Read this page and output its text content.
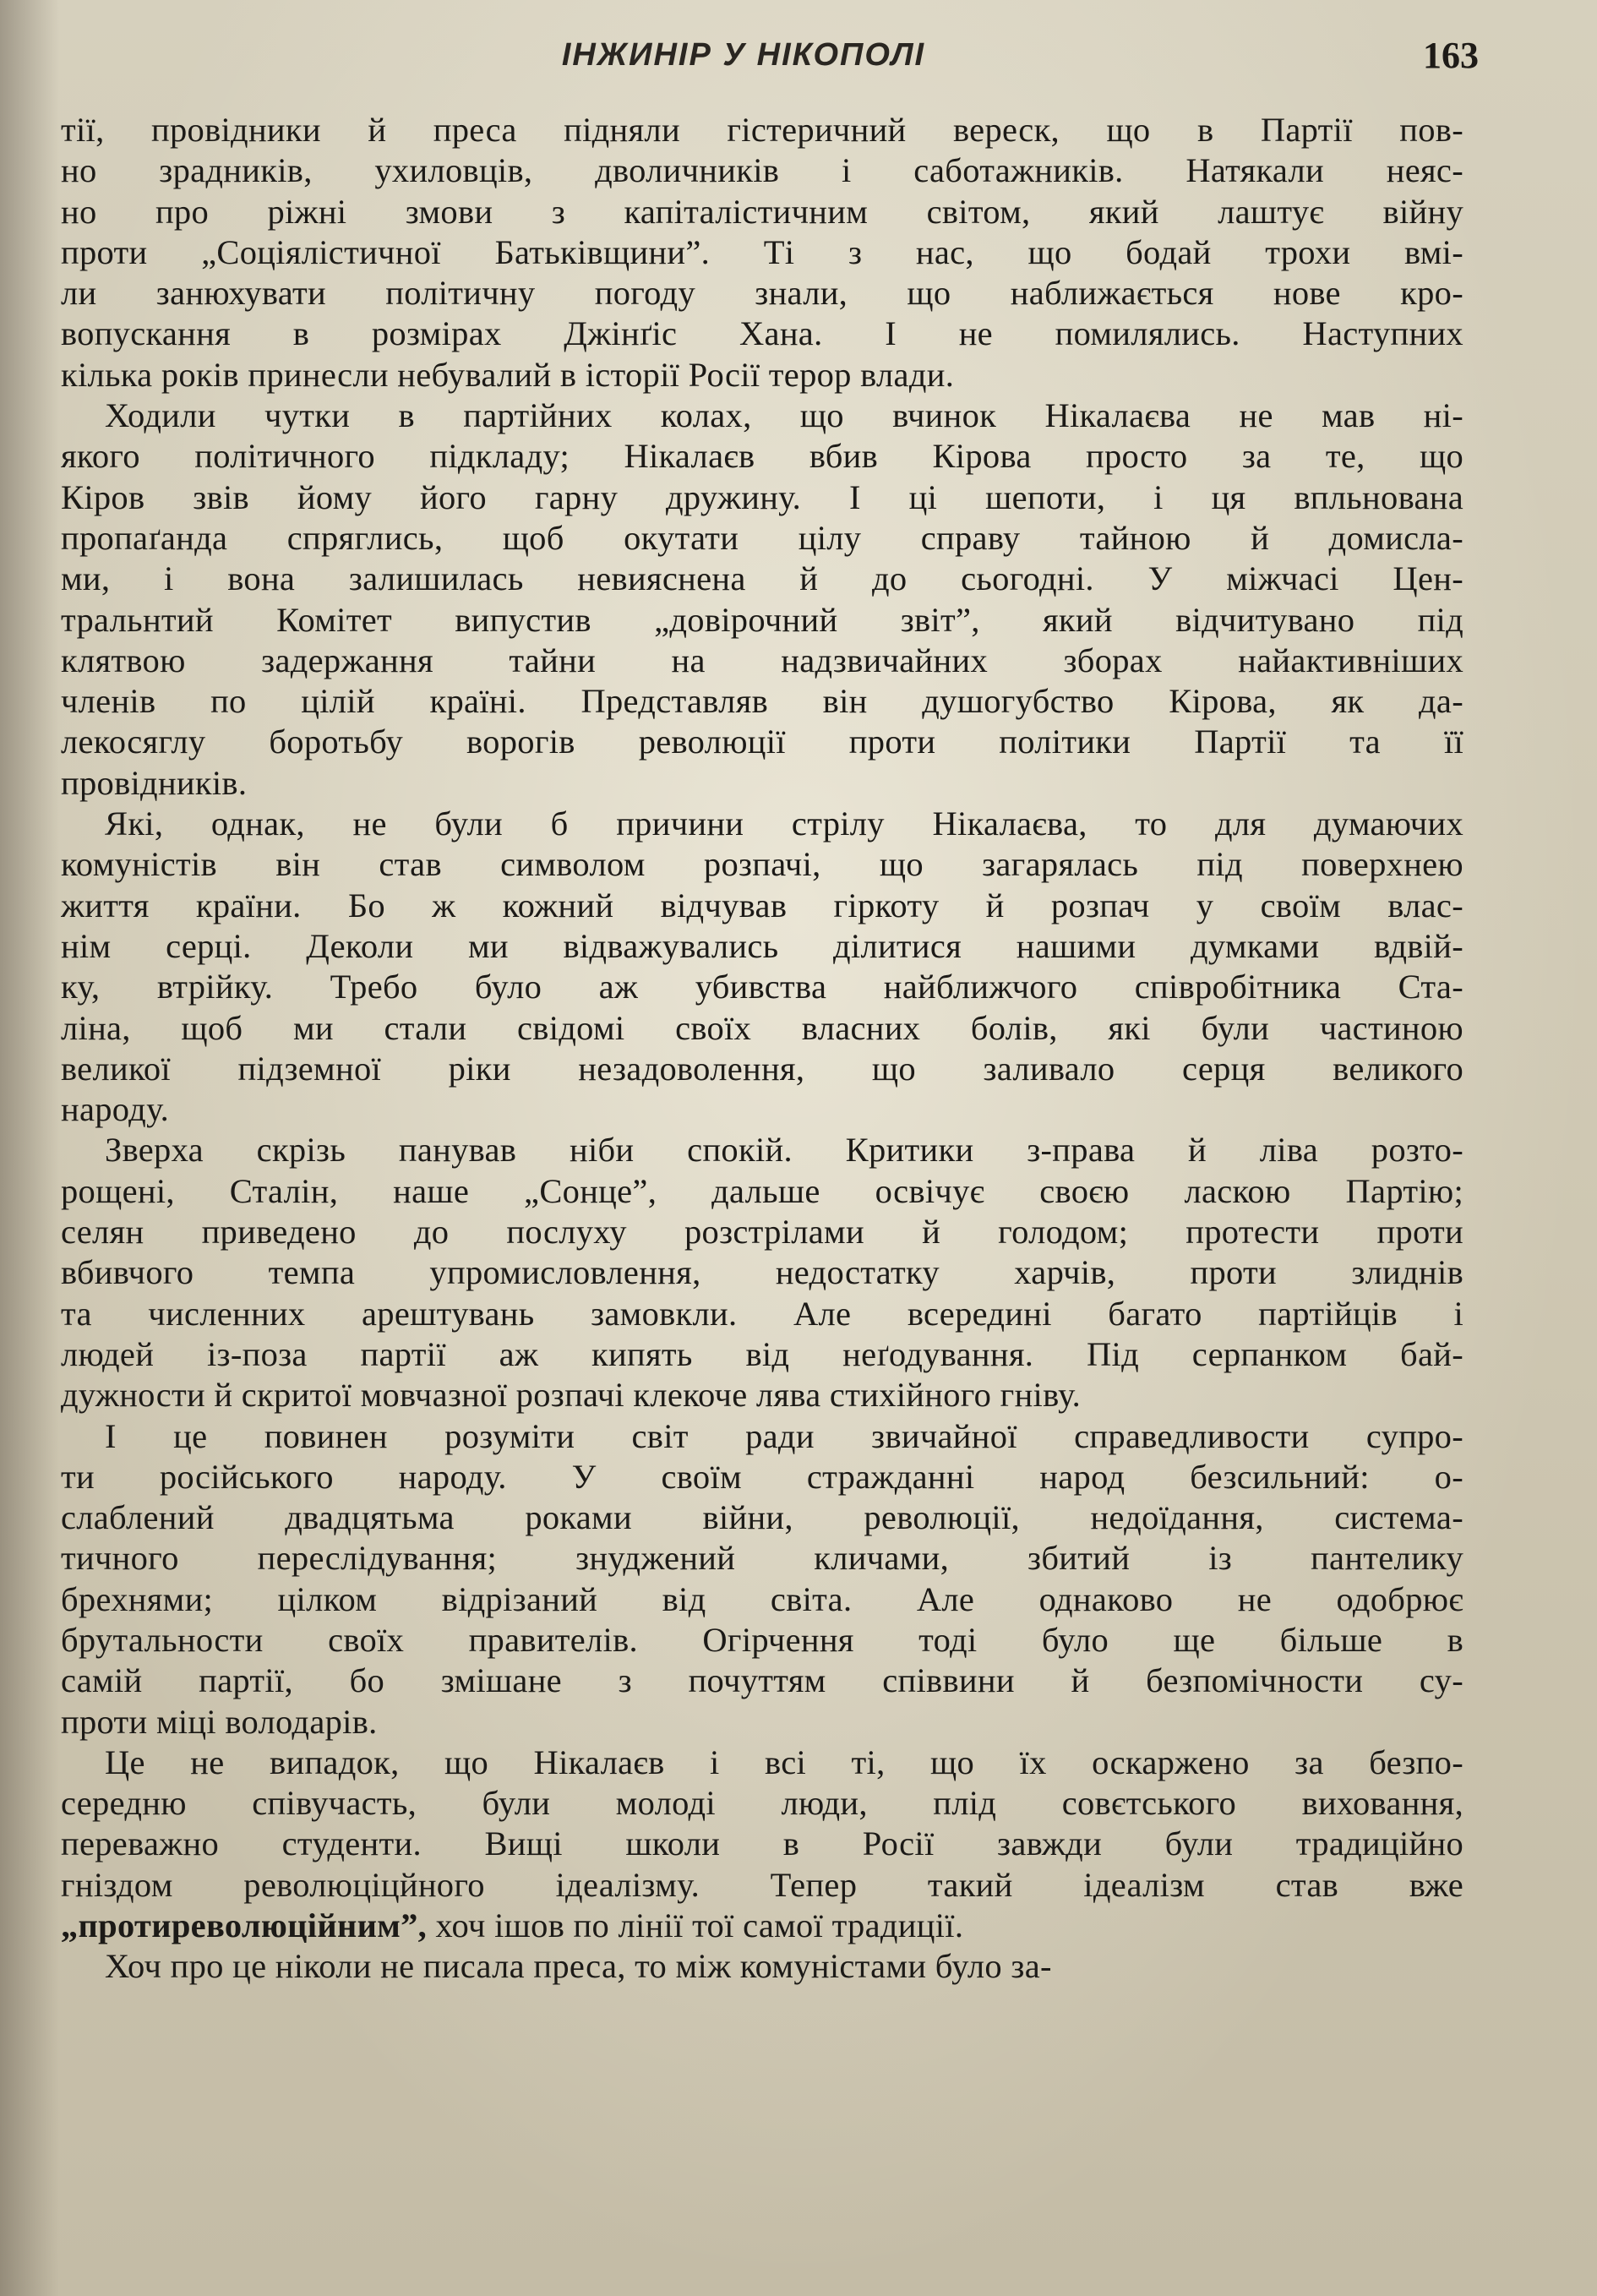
ІНЖИНІР У НІКОПОЛІ	163
тії, провідники й преса підняли гістеричний вереск, що в Партії пов-
но зрадників, ухиловців, дволичників і саботажників. Натякали неяс-
но про ріжні змови з капіталістичним світом, який лаштує війну
проти „Соціялістичної Батьківщини”. Ті з нас, що бодай трохи вмі-
ли занюхувати політичну погоду знали, що наближається нове кро-
вопускання в розмірах Джінґіс Хана. І не помилялись. Наступних
кілька років принесли небувалий в історії Росії терор влади.
Ходили чутки в партійних колах, що вчинок Нікалаєва не мав ні-
якого політичного підкладу; Нікалаєв вбив Кірова просто за те, що
Кіров звів йому його гарну дружину. І ці шепоти, і ця впльнована
пропаґанда спряглись, щоб окутати цілу справу тайною й домисла-
ми, і вона залишилась невияснена й до сьогодні. У міжчасі Цен-
тральнтий Комітет випустив „довірочний звіт”, який відчитувано під
клятвою задержання тайни на надзвичайних зборах найактивніших
членів по цілій країні. Представляв він душогубство Кірова, як да-
лекосяглу боротьбу ворогів революції проти політики Партії та її
провідників.
Які, однак, не були б причини стрілу Нікалаєва, то для думаючих
комуністів він став символом розпачі, що загарялась під поверхнею
життя країни. Бо ж кожний відчував гіркоту й розпач у своїм влас-
нім серці. Деколи ми відважувались ділитися нашими думками вдвій-
ку, втрійку. Требо було аж убивства найближчого співробітника Ста-
ліна, щоб ми стали свідомі своїх власних болів, які були частиною
великої підземної ріки незадоволення, що заливало серця великого
народу.
Зверха скрізь панував ніби спокій. Критики з-права й ліва розто-
рощені, Сталін, наше „Сонце”, дальше освічує своєю ласкою Партію;
селян приведено до послуху розстрілами й голодом; протести проти
вбивчого темпа упромисловлення, недостатку харчів, проти злиднів
та численних арештувань замовкли. Але всередині багато партійців і
людей із-поза партії аж кипять від неґодування. Під серпанком бай-
дужности й скритої мовчазної розпачі клекоче лява стихійного гніву.
І це повинен розуміти світ ради звичайної справедливости супро-
ти російського народу. У своїм стражданні народ безсильний: о-
слаблений двадцятьма роками війни, революції, недоїдання, системa-
тичного переслідування; знуджений кличами, збитий із пантелику
брехнями; цілком відрізаний від світа. Але однаково не одобрює
брутальности своїх правителів. Огірчення тоді було ще більше в
самій партії, бо змішане з почуттям співвини й безпомічности су-
проти міці володарів.
Це не випадок, що Нікалаєв і всі ті, що їх оскаржено за безпо-
середню співучасть, були молоді люди, плід совєтського виховання,
переважно студенти. Вищі школи в Росії завжди були традиційно
гніздом революціцйного ідеалізму. Тепер такий ідеалізм став вже
„протиреволюційним”, хоч ішов по лінії тої самої традиції.
Хоч про це ніколи не писала преса, то між комуністами було за-
